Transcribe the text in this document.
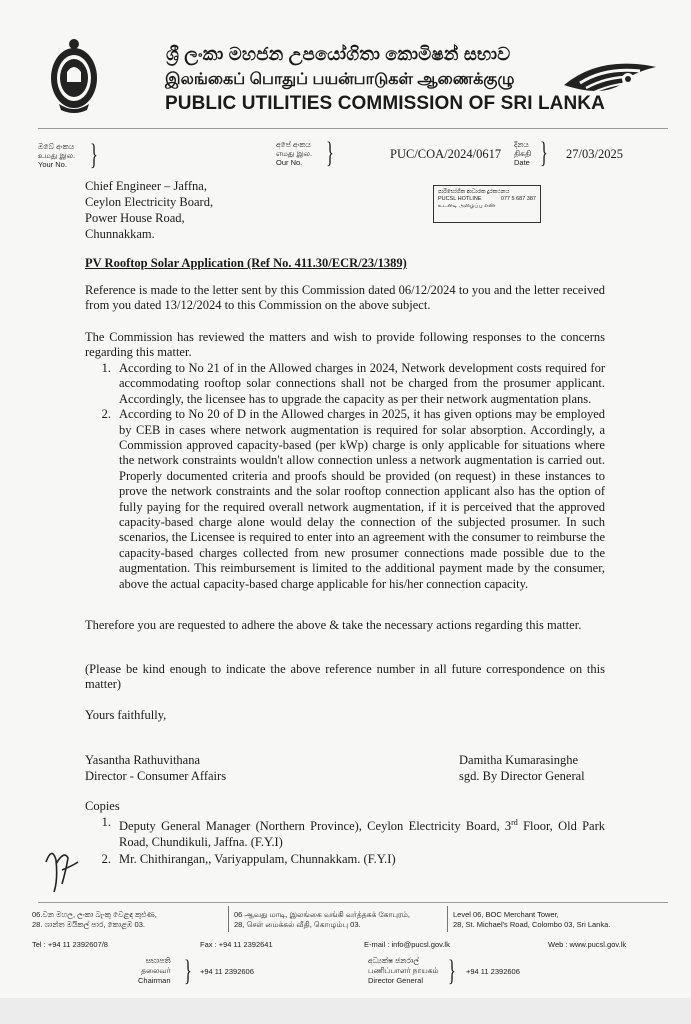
ශ්‍රී ලංකා මහජන උපයෝගිතා කොමිෂන් සභාව
இலங்கைப் பொதுப் பயன்பாடுகள் ஆணைக்குழு
PUBLIC UTILITIES COMMISSION OF SRI LANKA
ඔබේ අංකය
உமது இல.
Your No. }	අපේ අංකය
எமது இல.
Our No. }	PUC/COA/2024/0617
දිනය
திகதி
Date } 27/03/2025
Chief Engineer – Jaffna,
Ceylon Electricity Board,
Power House Road,
Chunnakkam.
පාරිභෝගික ආධාරක දුරකථනය
PUCSL HOTLINE	077 5 687 387
உடனடி அழைப்பு எண்
PV Rooftop Solar Application (Ref No. 411.30/ECR/23/1389)
Reference is made to the letter sent by this Commission dated 06/12/2024 to you and the letter received from you dated 13/12/2024 to this Commission on the above subject.
The Commission has reviewed the matters and wish to provide following responses to the concerns regarding this matter.
1. According to No 21 of in the Allowed charges in 2024, Network development costs required for accommodating rooftop solar connections shall not be charged from the prosumer applicant. Accordingly, the licensee has to upgrade the capacity as per their network augmentation plans.
2. According to No 20 of D in the Allowed charges in 2025, it has given options may be employed by CEB in cases where network augmentation is required for solar absorption. Accordingly, a Commission approved capacity-based (per kWp) charge is only applicable for situations where the network constraints wouldn't allow connection unless a network augmentation is carried out. Properly documented criteria and proofs should be provided (on request) in these instances to prove the network constraints and the solar rooftop connection applicant also has the option of fully paying for the required overall network augmentation, if it is perceived that the approved capacity-based charge alone would delay the connection of the subjected prosumer. In such scenarios, the Licensee is required to enter into an agreement with the consumer to reimburse the capacity-based charges collected from new prosumer connections made possible due to the augmentation. This reimbursement is limited to the additional payment made by the consumer, above the actual capacity-based charge applicable for his/her connection capacity.
Therefore you are requested to adhere the above & take the necessary actions regarding this matter.
(Please be kind enough to indicate the above reference number in all future correspondence on this matter)
Yours faithfully,
Yasantha Rathuvithana
Director - Consumer Affairs
Damitha Kumarasinghe
sgd. By Director General
Copies
1. Deputy General Manager (Northern Province), Ceylon Electricity Board, 3rd Floor, Old Park Road, Chundikuli, Jaffna. (F.Y.I)
2. Mr. Chithirangan,, Variyappulam, Chunnakkam. (F.Y.I)
06.වන මහල, ලංකා බැංකු වෙළඳ කුළුණ,
28. ශාන්ත මයිකල් පාර, කොළඹ 03.
06 ஆவது மாடி, இலங்கை வங்கி வர்த்தகக் கோபுரம்,
28, செள் மைக்கல் வீதி, கொழும்பு 03.
Level 06, BOC Merchant Tower,
28, St. Michael's Road, Colombo 03, Sri Lanka.
Tel : +94 11 2392607/8	Fax : +94 11 2392641	E-mail : info@pucsl.gov.lk	Web : www.pucsl.gov.lk
සභාපති
தலைவர்
Chairman } +94 11 2392606
අධ්‍යක්ෂ ජනරාල්
பணிப்பாளர் நாயகம்
Director General } +94 11 2392606
